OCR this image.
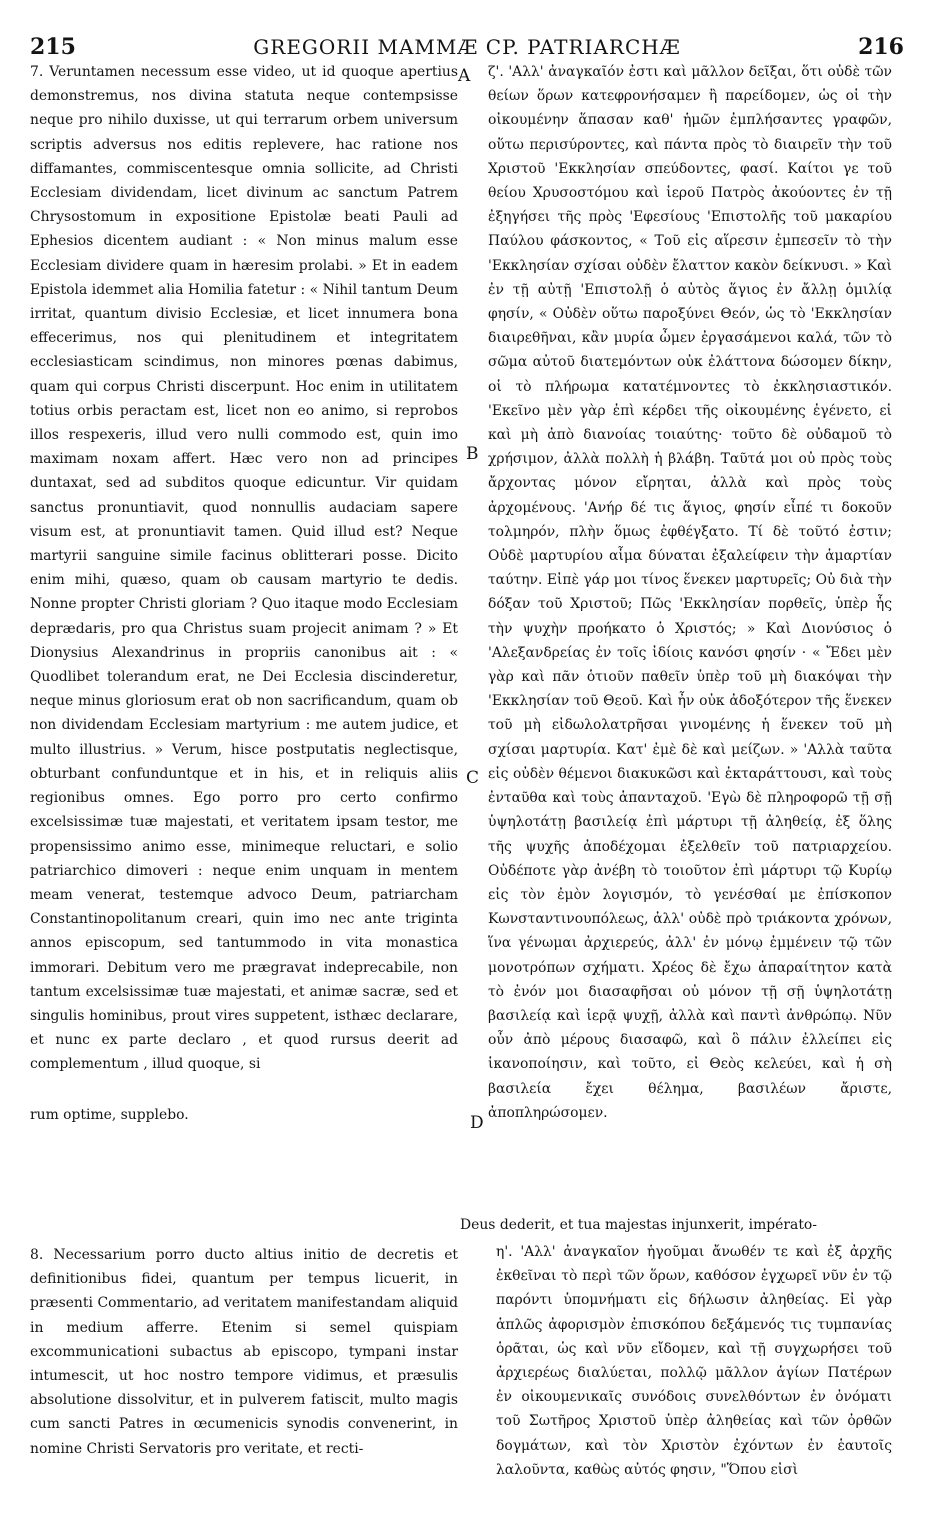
215	GREGORII MAMMÆ CP. PATRIARCHÆ	216

7. Veruntamen necessum esse video, ut id quoque apertius demonstremus, nos divina statuta neque contempsisse neque pro nihilo duxisse, ut qui terrarum orbem universum scriptis adversus nos editis replevere, hac ratione nos diffamantes, commiscentesque omnia sollicite, ad Christi Ecclesiam dividendam, licet divinum ac sanctum Patrem Chrysostomum in expositione Epistolæ beati Pauli ad Ephesios dicentem audiant : « Non minus malum esse Ecclesiam dividere quam in hæresim prolabi. » Et in eadem Epistola idemmet alia Homilia fatetur : « Nihil tantum Deum irritat, quantum divisio Ecclesiæ, et licet innumera bona effecerimus, nos qui plenitudinem et integritatem ecclesiasticam scindimus, non minores pœnas dabimus, quam qui corpus Christi discerpunt. Hoc enim in utilitatem totius orbis peractam est, licet non eo animo, si reprobos illos respexeris, illud vero nulli commodo est, quin imo maximam noxam affert. Hæc vero non ad principes duntaxat, sed ad subditos quoque edicuntur. Vir quidam sanctus pronuntiavit, quod nonnullis audaciam sapere visum est, at pronuntiavit tamen. Quid illud est? Neque martyrii sanguine simile facinus oblitterari posse. Dicito enim mihi, quæso, quam ob causam martyrio te dedis. Nonne propter Christi gloriam ? Quo itaque modo Ecclesiam deprædaris, pro qua Christus suam projecit animam ? » Et Dionysius Alexandrinus in propriis canonibus ait : « Quodlibet tolerandum erat, ne Dei Ecclesia discinderetur, neque minus gloriosum erat ob non sacrificandum, quam ob non dividendam Ecclesiam martyrium : me autem judice, et multo illustrius. » Verum, hisce postputatis neglectisque, obturbant confunduntque et in his, et in reliquis aliis regionibus omnes. Ego porro pro certo confirmo excelsissimæ tuæ majestati, et veritatem ipsam testor, me propensissimo animo esse, minimeque reluctari, e solio patriarchico dimoveri : neque enim unquam in mentem meam venerat, testemque advoco Deum, patriarcham Constantinopolitanum creari, quin imo nec ante triginta annos episcopum, sed tantummodo in vita monastica immorari. Debitum vero me prægravat indeprecabile, non tantum excelsissimæ tuæ majestati, et animæ sacræ, sed et singulis hominibus, prout vires suppetent, isthæc declarare, et nunc ex parte declaro , et quod rursus deerit ad complementum , illud quoque, si

rum optime, supplebo.

ζ'. 'Αλλ' ἀναγκαῖόν ἐστι καὶ μᾶλλον δεῖξαι, ὅτι οὐδὲ τῶν θείων ὅρων κατεφρονήσαμεν ἢ παρείδομεν, ὡς οἱ τὴν οἰκουμένην ἅπασαν καθ' ἡμῶν ἐμπλήσαντες γραφῶν, οὕτω περισύροντες, καὶ πάντα πρὸς τὸ διαιρεῖν τὴν τοῦ Χριστοῦ 'Εκκλησίαν σπεύδοντες, φασί. Καίτοι γε τοῦ θείου Χρυσοστόμου καὶ ἱεροῦ Πατρὸς ἀκούοντες ἐν τῇ ἐξηγήσει τῆς πρὸς 'Εφεσίους 'Επιστολῆς τοῦ μακαρίου Παύλου φάσκοντος, « Τοῦ εἰς αἵρεσιν ἐμπεσεῖν τὸ τὴν 'Εκκλησίαν σχίσαι οὐδὲν ἔλαττον κακὸν δείκνυσι. » Καὶ ἐν τῇ αὐτῇ 'Επιστολῇ ὁ αὐτὸς ἅγιος ἐν ἄλλῃ ὁμιλίᾳ φησίν, « Οὐδὲν οὕτω παροξύνει Θεόν, ὡς τὸ 'Εκκλησίαν διαιρεθῆναι, κἂν μυρία ὦμεν ἐργασάμενοι καλά, τῶν τὸ σῶμα αὐτοῦ διατεμόντων οὐκ ἐλάττονα δώσομεν δίκην, οἱ τὸ πλήρωμα κατατέμνοντες τὸ ἐκκλησιαστικόν. 'Εκεῖνο μὲν γὰρ ἐπὶ κέρδει τῆς οἰκουμένης ἐγένετο, εἰ καὶ μὴ ἀπὸ διανοίας τοιαύτης· τοῦτο δὲ οὐδαμοῦ τὸ χρήσιμον, ἀλλὰ πολλὴ ἡ βλάβη. Ταῦτά μοι οὐ πρὸς τοὺς ἄρχοντας μόνον εἴρηται, ἀλλὰ καὶ πρὸς τοὺς ἀρχομένους. 'Ανήρ δέ τις ἅγιος, φησίν εἶπέ τι δοκοῦν τολμηρόν, πλὴν ὅμως ἐφθέγξατο. Τί δὲ τοῦτό ἐστιν; Οὐδὲ μαρτυρίου αἷμα δύναται ἐξαλείφειν τὴν ἁμαρτίαν ταύτην. Εἰπὲ γάρ μοι τίνος ἕνεκεν μαρτυρεῖς; Οὐ διὰ τὴν δόξαν τοῦ Χριστοῦ; Πῶς 'Εκκλησίαν πορθεῖς, ὑπὲρ ἧς τὴν ψυχὴν προήκατο ὁ Χριστός; » Καὶ Διονύσιος ὁ 'Αλεξανδρείας ἐν τοῖς ἰδίοις κανόσι φησίν · « Ἔδει μὲν γὰρ καὶ πᾶν ὁτιοῦν παθεῖν ὑπὲρ τοῦ μὴ διακόψαι τὴν 'Εκκλησίαν τοῦ Θεοῦ. Καὶ ἦν οὐκ ἀδοξότερον τῆς ἕνεκεν τοῦ μὴ εἰδωλολατρῆσαι γινομένης ἡ ἕνεκεν τοῦ μὴ σχίσαι μαρτυρία. Κατ' ἐμὲ δὲ καὶ μείζων. » 'Αλλὰ ταῦτα εἰς οὐδὲν θέμενοι διακυκῶσι καὶ ἐκταράττουσι, καὶ τοὺς ἐνταῦθα καὶ τοὺς ἁπανταχοῦ. 'Εγὼ δὲ πληροφορῶ τῇ σῇ ὑψηλοτάτῃ βασιλείᾳ ἐπὶ μάρτυρι τῇ ἀληθείᾳ, ἐξ ὅλης τῆς ψυχῆς ἀποδέχομαι ἐξελθεῖν τοῦ πατριαρχείου. Οὐδέποτε γὰρ ἀνέβη τὸ τοιοῦτον ἐπὶ μάρτυρι τῷ Κυρίῳ εἰς τὸν ἐμὸν λογισμόν, τὸ γενέσθαί με ἐπίσκοπον Κωνσταντινουπόλεως, ἀλλ' οὐδὲ πρὸ τριάκοντα χρόνων, ἵνα γένωμαι ἀρχιερεύς, ἀλλ' ἐν μόνῳ ἐμμένειν τῷ τῶν μονοτρόπων σχήματι. Χρέος δὲ ἔχω ἀπαραίτητον κατὰ τὸ ἐνόν μοι διασαφῆσαι οὐ μόνον τῇ σῇ ὑψηλοτάτῃ βασιλείᾳ καὶ ἱερᾷ ψυχῇ, ἀλλὰ καὶ παντὶ ἀνθρώπῳ. Νῦν οὖν ἀπὸ μέρους διασαφῶ, καὶ ὃ πάλιν ἐλλείπει εἰς ἱκανοποίησιν, καὶ τοῦτο, εἰ Θεὸς κελεύει, καὶ ἡ σὴ βασιλεία ἔχει θέλημα, βασιλέων ἄριστε, ἀποπληρώσομεν.

Deus dederit, et tua majestas injunxerit, impérato-

8. Necessarium porro ducto altius initio de decretis et definitionibus fidei, quantum per tempus licuerit, in præsenti Commentario, ad veritatem manifestandam aliquid in medium afferre. Etenim si semel quispiam excommunicationi subactus ab episcopo, tympani instar intumescit, ut hoc nostro tempore vidimus, et præsulis absolutione dissolvitur, et in pulverem fatiscit, multo magis cum sancti Patres in œcumenicis synodis convenerint, in nomine Christi Servatoris pro veritate, et recti-

η'. 'Αλλ' ἀναγκαῖον ἡγοῦμαι ἄνωθέν τε καὶ ἐξ ἀρχῆς ἐκθεῖναι τὸ περὶ τῶν ὅρων, καθόσον ἐγχωρεῖ νῦν ἐν τῷ παρόντι ὑπομνήματι εἰς δήλωσιν ἀληθείας. Εἰ γὰρ ἁπλῶς ἀφορισμὸν ἐπισκόπου δεξάμενός τις τυμπανίας ὁρᾶται, ὡς καὶ νῦν εἴδομεν, καὶ τῇ συγχωρήσει τοῦ ἀρχιερέως διαλύεται, πολλῷ μᾶλλον ἁγίων Πατέρων ἐν οἰκουμενικαῖς συνόδοις συνελθόντων ἐν ὀνόματι τοῦ Σωτῆρος Χριστοῦ ὑπὲρ ἀληθείας καὶ τῶν ὀρθῶν δογμάτων, καὶ τὸν Χριστὸν ἐχόντων ἐν ἑαυτοῖς λαλοῦντα, καθὼς αὐτός φησιν, "Ὅπου εἰσὶ

A
B
C
D
